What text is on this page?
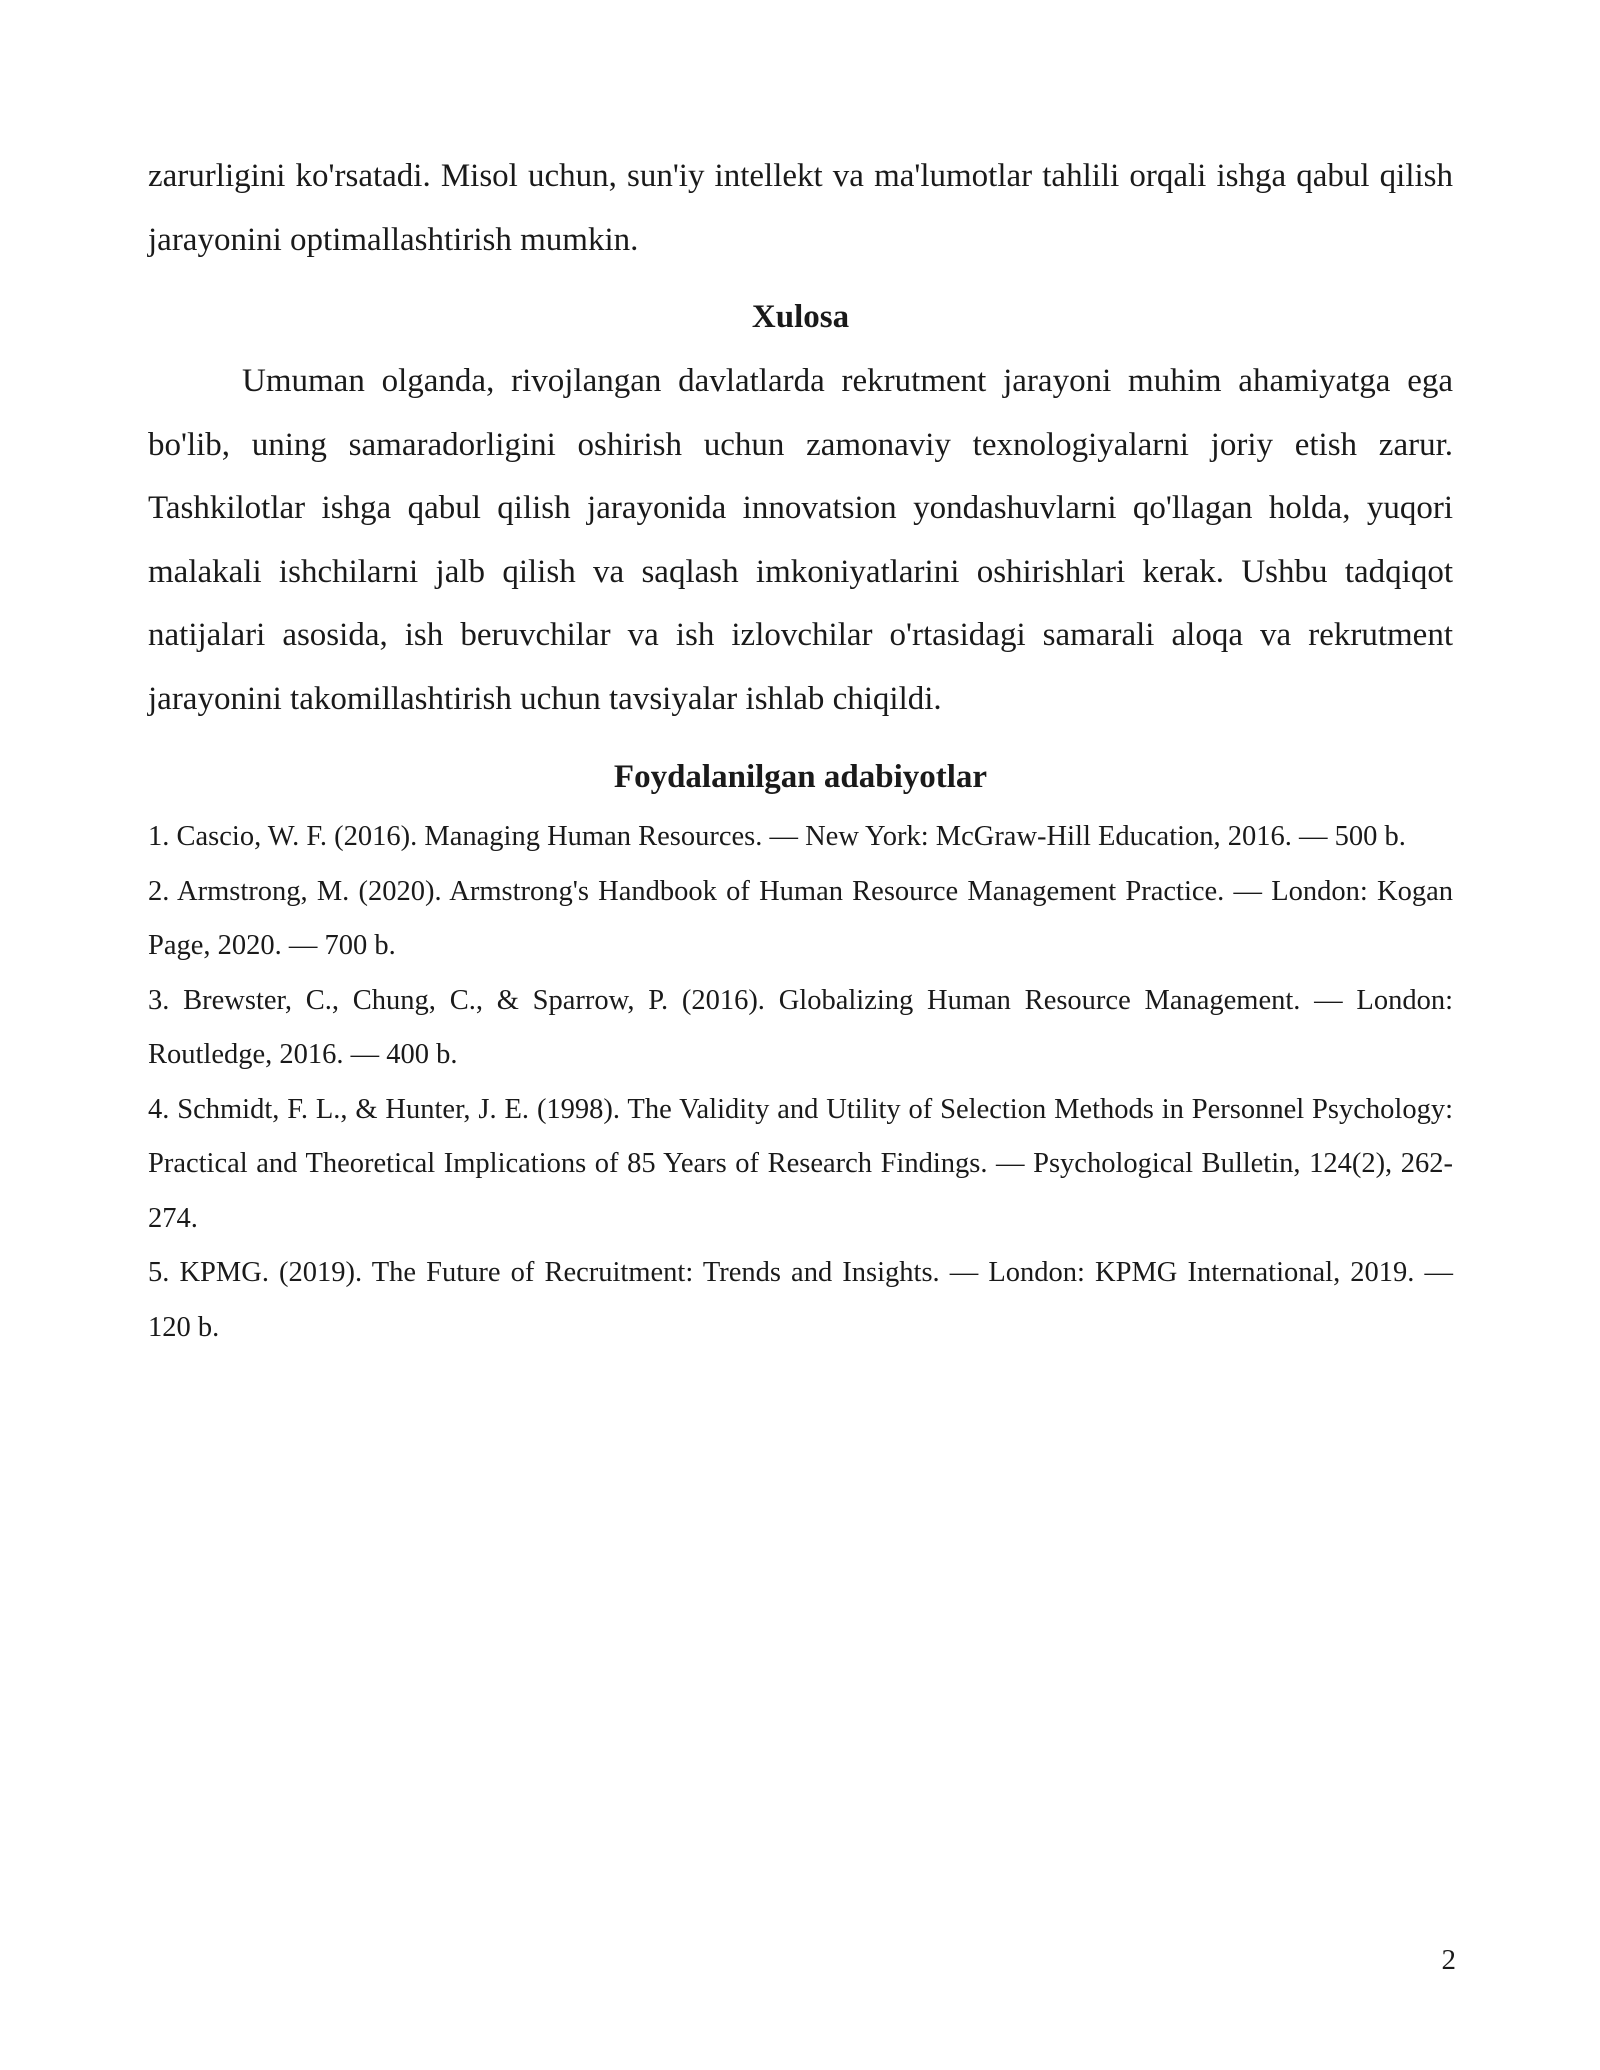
zarurligini ko'rsatadi. Misol uchun, sun'iy intellekt va ma'lumotlar tahlili orqali ishga qabul qilish jarayonini optimallashtirish mumkin.

Xulosa

Umuman olganda, rivojlangan davlatlarda rekrutment jarayoni muhim ahamiyatga ega bo'lib, uning samaradorligini oshirish uchun zamonaviy texnologiyalarni joriy etish zarur. Tashkilotlar ishga qabul qilish jarayonida innovatsion yondashuvlarni qo'llagan holda, yuqori malakali ishchilarni jalb qilish va saqlash imkoniyatlarini oshirishlari kerak. Ushbu tadqiqot natijalari asosida, ish beruvchilar va ish izlovchilar o'rtasidagi samarali aloqa va rekrutment jarayonini takomillashtirish uchun tavsiyalar ishlab chiqildi.

Foydalanilgan adabiyotlar
1. Cascio, W. F. (2016). Managing Human Resources. — New York: McGraw-Hill Education, 2016. — 500 b.
2. Armstrong, M. (2020). Armstrong's Handbook of Human Resource Management Practice. — London: Kogan Page, 2020. — 700 b.
3. Brewster, C., Chung, C., & Sparrow, P. (2016). Globalizing Human Resource Management. — London: Routledge, 2016. — 400 b.
4. Schmidt, F. L., & Hunter, J. E. (1998). The Validity and Utility of Selection Methods in Personnel Psychology: Practical and Theoretical Implications of 85 Years of Research Findings. — Psychological Bulletin, 124(2), 262-274.
5. KPMG. (2019). The Future of Recruitment: Trends and Insights. — London: KPMG International, 2019. — 120 b.
2
